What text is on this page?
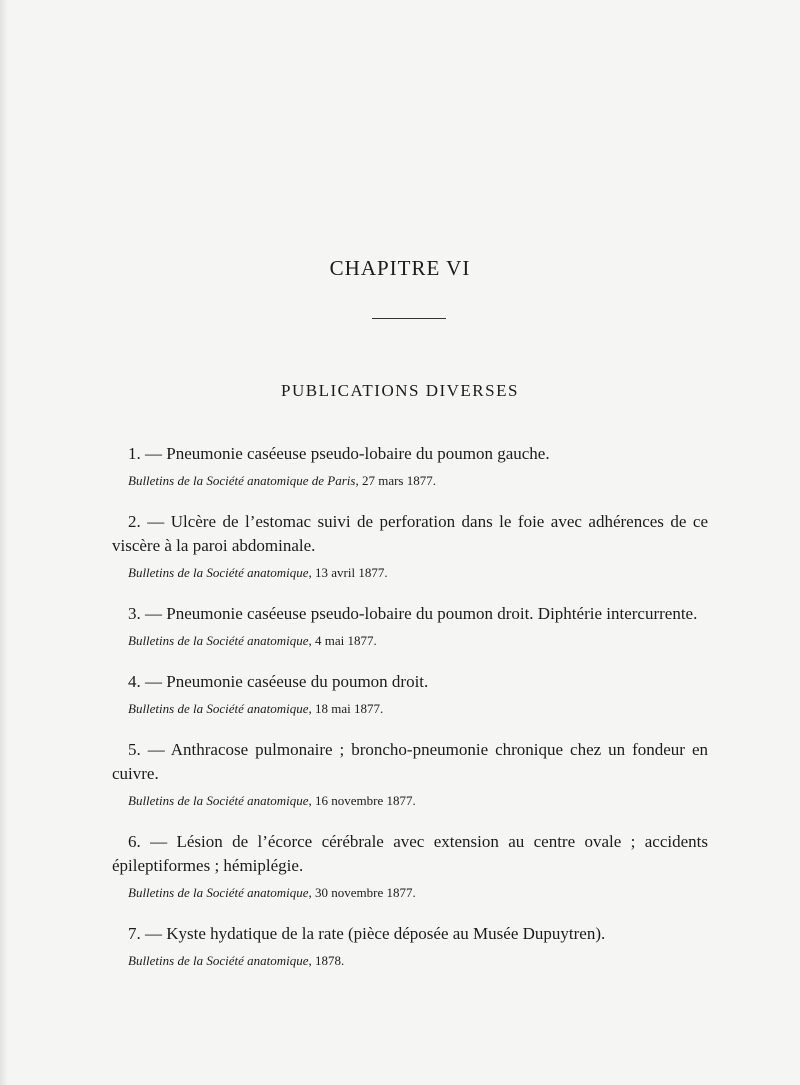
CHAPITRE VI
PUBLICATIONS DIVERSES
1. — Pneumonie caséeuse pseudo-lobaire du poumon gauche.
Bulletins de la Société anatomique de Paris, 27 mars 1877.
2. — Ulcère de l’estomac suivi de perforation dans le foie avec adhérences de ce viscère à la paroi abdominale.
Bulletins de la Société anatomique, 13 avril 1877.
3. — Pneumonie caséeuse pseudo-lobaire du poumon droit. Diphtérie intercurrente.
Bulletins de la Société anatomique, 4 mai 1877.
4. — Pneumonie caséeuse du poumon droit.
Bulletins de la Société anatomique, 18 mai 1877.
5. — Anthracose pulmonaire ; broncho-pneumonie chronique chez un fondeur en cuivre.
Bulletins de la Société anatomique, 16 novembre 1877.
6. — Lésion de l’écorce cérébrale avec extension au centre ovale ; accidents épileptiformes ; hémiplégie.
Bulletins de la Société anatomique, 30 novembre 1877.
7. — Kyste hydatique de la rate (pièce déposée au Musée Dupuytren).
Bulletins de la Société anatomique, 1878.
